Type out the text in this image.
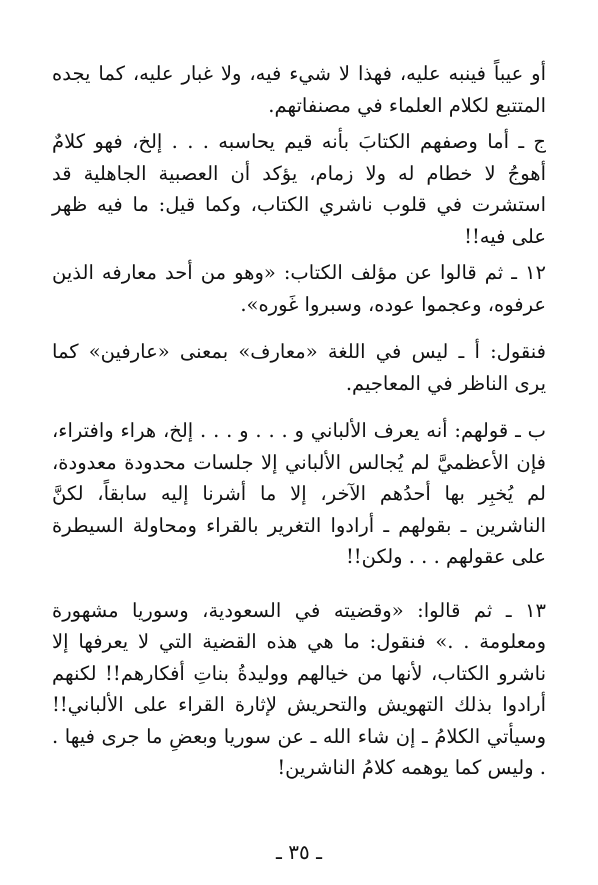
أو عيباً فينبه عليه، فهذا لا شيء فيه، ولا غبار عليه، كما يجده المتتبع لكلام العلماء في مصنفاتهم.

ج ـ أما وصفهم الكتابَ بأنه قيم يحاسبه . . . إلخ، فهو كلامٌ أهوجُ لا خطام له ولا زمام، يؤكد أن العصبية الجاهلية قد استشرت في قلوب ناشري الكتاب، وكما قيل: ما فيه ظهر على فيه!!

١٢ ـ ثم قالوا عن مؤلف الكتاب: «وهو من أحد معارفه الذين عرفوه، وعجموا عوده، وسبروا غَوره».

فنقول: أ ـ ليس في اللغة «معارف» بمعنى «عارفين» كما يرى الناظر في المعاجيم.

ب ـ قولهم: أنه يعرف الألباني و . . . و . . . إلخ، هراء وافتراء، فإن الأعظميَّ لم يُجالس الألباني إلا جلسات محدودة معدودة، لم يُخبِر بها أحدُهم الآخر، إلا ما أشرنا إليه سابقاً، لكنَّ الناشرين ـ بقولهم ـ أرادوا التغرير بالقراء ومحاولة السيطرة على عقولهم . . . ولكن!!

١٣ ـ ثم قالوا: «وقضيته في السعودية، وسوريا مشهورة ومعلومة . .» فنقول: ما هي هذه القضية التي لا يعرفها إلا ناشرو الكتاب، لأنها من خيالهم ووليدةُ بناتِ أفكارهم!! لكنهم أرادوا بذلك التهويش والتحريش لإثارة القراء على الألباني!! وسيأتي الكلامُ ـ إن شاء الله ـ عن سوريا وبعضِ ما جرى فيها . . وليس كما يوهمه كلامُ الناشرين!

ـ ٣٥ ـ
